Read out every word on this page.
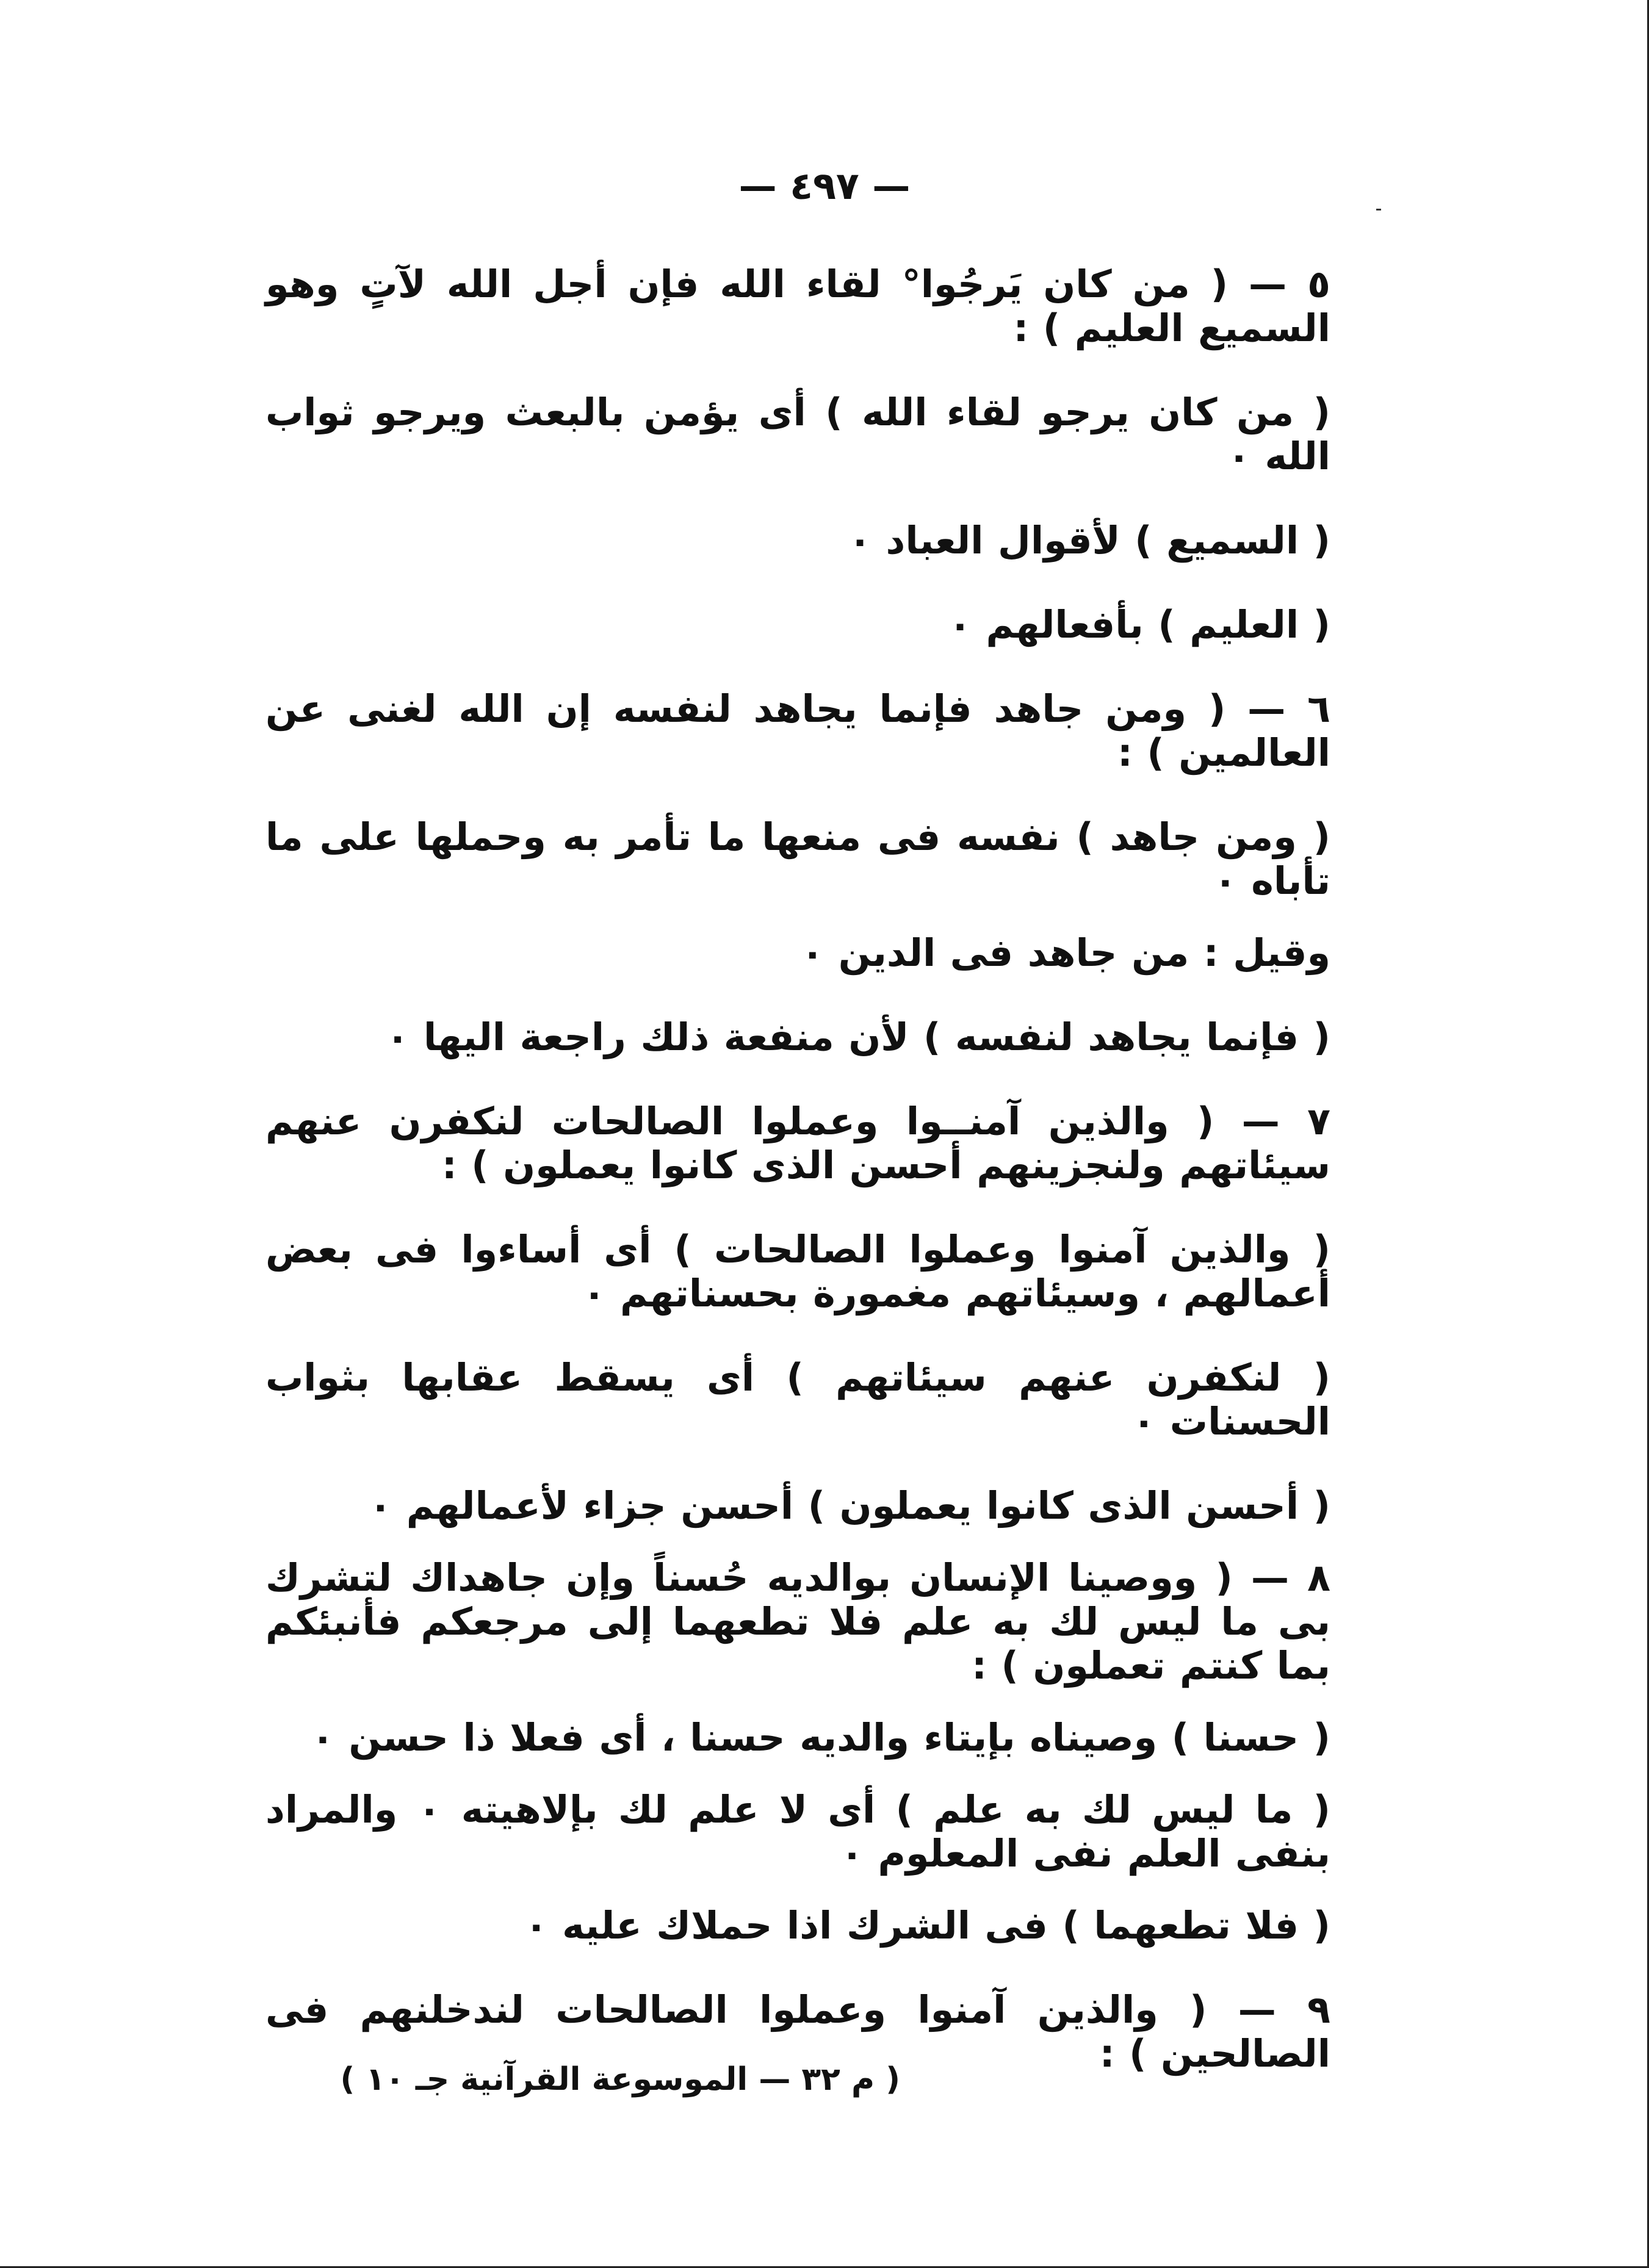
— ٤٩٧ —

٥ — ( من كان يَرجُوا° لقاء الله فإن أجل الله لآتٍ وهو السميع العليم ) :

( من كان يرجو لقاء الله ) أى يؤمن بالبعث ويرجو ثواب الله ٠

( السميع ) لأقوال العباد ٠

( العليم ) بأفعالهم ٠

٦ — ( ومن جاهد فإنما يجاهد لنفسه إن الله لغنى عن العالمين ) :

( ومن جاهد ) نفسه فى منعها ما تأمر به وحملها على ما تأباه ٠

وقيل : من جاهد فى الدين ٠

( فإنما يجاهد لنفسه ) لأن منفعة ذلك راجعة اليها ٠

٧ — ( والذين آمنــوا وعملوا الصالحات لنكفرن عنهم سيئاتهم ولنجزينهم أحسن الذى كانوا يعملون ) :

( والذين آمنوا وعملوا الصالحات ) أى أساءوا فى بعض أعمالهم ، وسيئاتهم مغمورة بحسناتهم ٠

( لنكفرن عنهم سيئاتهم ) أى يسقط عقابها بثواب الحسنات ٠

( أحسن الذى كانوا يعملون ) أحسن جزاء لأعمالهم ٠

٨ — ( ووصينا الإنسان بوالديه حُسناً وإن جاهداك لتشرك بى ما ليس لك به علم فلا تطعهما إلى مرجعكم فأنبئكم بما كنتم تعملون ) :

( حسنا ) وصيناه بإيتاء والديه حسنا ، أى فعلا ذا حسن ٠

( ما ليس لك به علم ) أى لا علم لك بإلاهيته ٠ والمراد بنفى العلم نفى المعلوم ٠

( فلا تطعهما ) فى الشرك اذا حملاك عليه ٠

٩ — ( والذين آمنوا وعملوا الصالحات لندخلنهم فى الصالحين ) :

( م ٣٢ — الموسوعة القرآنية جـ ١٠ )
